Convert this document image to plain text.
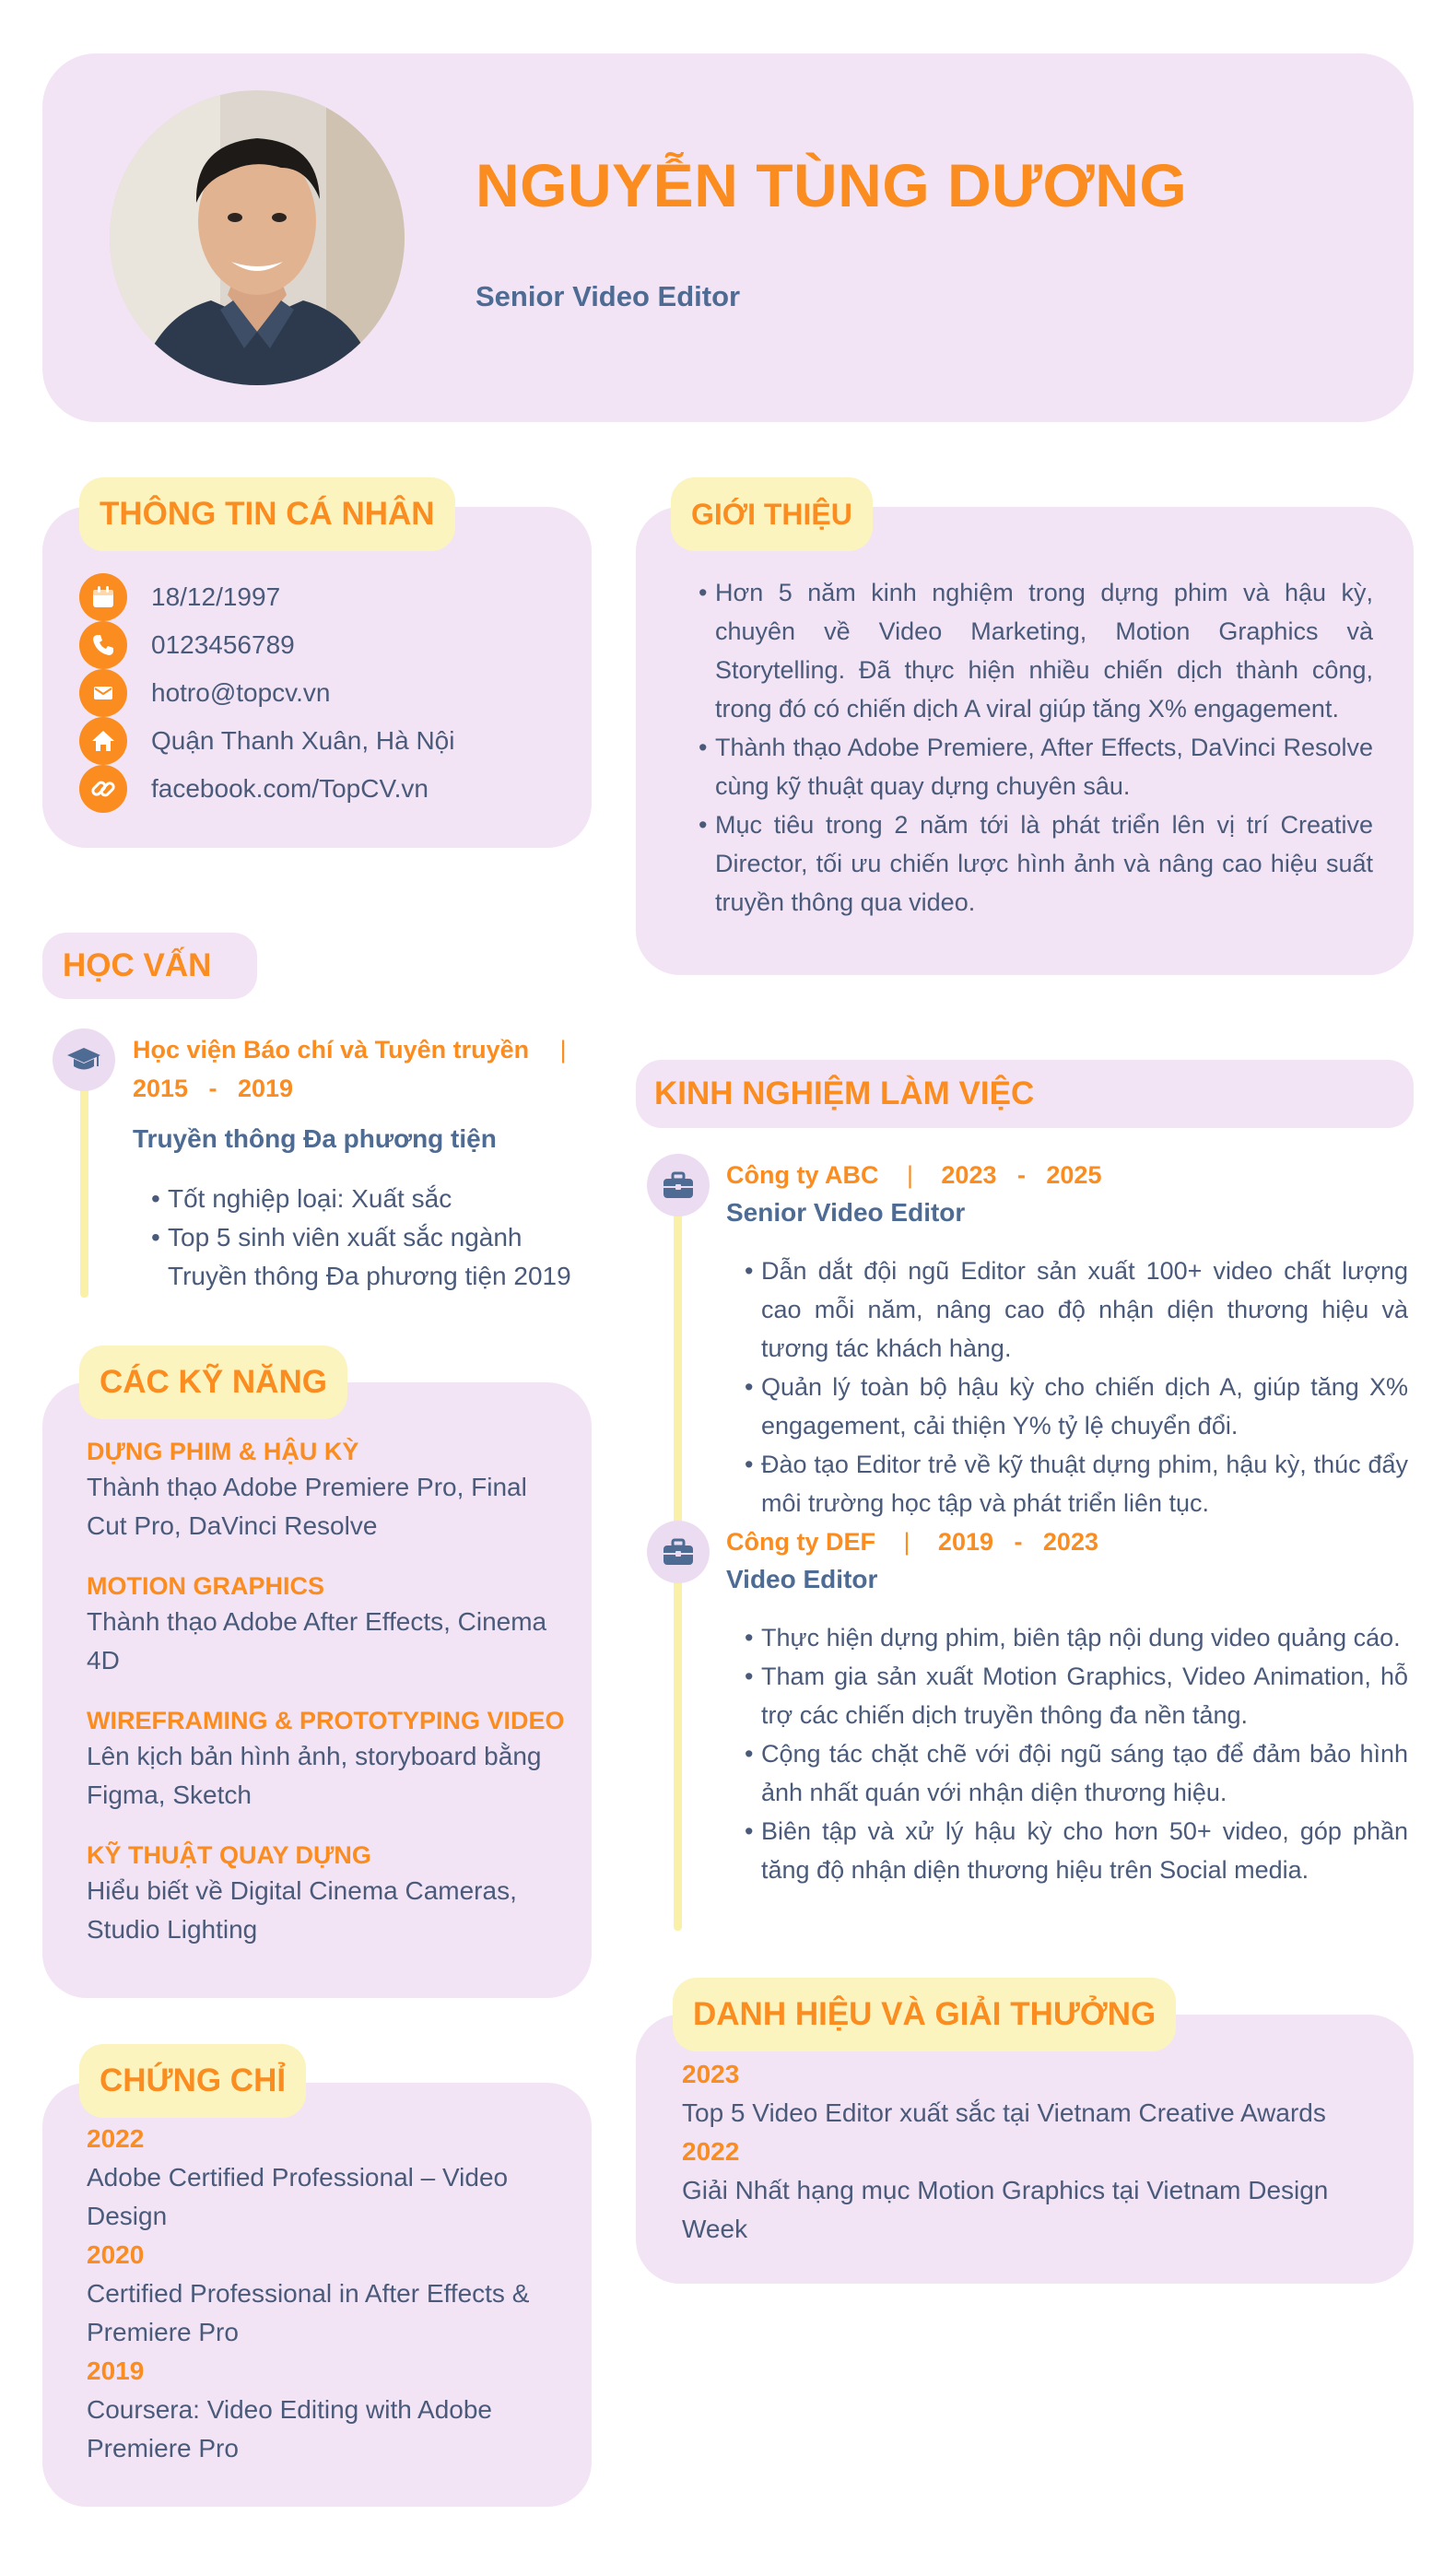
NGUYỄN TÙNG DƯƠNG
Senior Video Editor
18/12/1997
0123456789
hotro@topcv.vn
Quận Thanh Xuân, Hà Nội
facebook.com/TopCV.vn
THÔNG TIN CÁ NHÂN
• Hơn 5 năm kinh nghiệm trong dựng phim và hậu kỳ, chuyên về Video Marketing, Motion Graphics và Storytelling. Đã thực hiện nhiều chiến dịch thành công, trong đó có chiến dịch A viral giúp tăng X% engagement.
• Thành thạo Adobe Premiere, After Effects, DaVinci Resolve cùng kỹ thuật quay dựng chuyên sâu.
• Mục tiêu trong 2 năm tới là phát triển lên vị trí Creative Director, tối ưu chiến lược hình ảnh và nâng cao hiệu suất truyền thông qua video.
GIỚI THIỆU
HỌC VẤN
Học viện Báo chí và Tuyên truyền |
2015 - 2019
Truyền thông Đa phương tiện
• Tốt nghiệp loại: Xuất sắc
• Top 5 sinh viên xuất sắc ngành Truyền thông Đa phương tiện 2019
KINH NGHIỆM LÀM VIỆC
Công ty ABC | 2023 - 2025
Senior Video Editor
• Dẫn dắt đội ngũ Editor sản xuất 100+ video chất lượng cao mỗi năm, nâng cao độ nhận diện thương hiệu và tương tác khách hàng.
• Quản lý toàn bộ hậu kỳ cho chiến dịch A, giúp tăng X% engagement, cải thiện Y% tỷ lệ chuyển đổi.
• Đào tạo Editor trẻ về kỹ thuật dựng phim, hậu kỳ, thúc đẩy môi trường học tập và phát triển liên tục.
Công ty DEF | 2019 - 2023
Video Editor
• Thực hiện dựng phim, biên tập nội dung video quảng cáo.
• Tham gia sản xuất Motion Graphics, Video Animation, hỗ trợ các chiến dịch truyền thông đa nền tảng.
• Cộng tác chặt chẽ với đội ngũ sáng tạo để đảm bảo hình ảnh nhất quán với nhận diện thương hiệu.
• Biên tập và xử lý hậu kỳ cho hơn 50+ video, góp phần tăng độ nhận diện thương hiệu trên Social media.
DỰNG PHIM & HẬU KỲ
Thành thạo Adobe Premiere Pro, Final Cut Pro, DaVinci Resolve
MOTION GRAPHICS
Thành thạo Adobe After Effects, Cinema 4D
WIREFRAMING & PROTOTYPING VIDEO
Lên kịch bản hình ảnh, storyboard bằng Figma, Sketch
KỸ THUẬT QUAY DỰNG
Hiểu biết về Digital Cinema Cameras, Studio Lighting
CÁC KỸ NĂNG
2023
Top 5 Video Editor xuất sắc tại Vietnam Creative Awards
2022
Giải Nhất hạng mục Motion Graphics tại Vietnam Design Week
DANH HIỆU VÀ GIẢI THƯỞNG
2022
Adobe Certified Professional – Video Design
2020
Certified Professional in After Effects & Premiere Pro
2019
Coursera: Video Editing with Adobe Premiere Pro
CHỨNG CHỈ
